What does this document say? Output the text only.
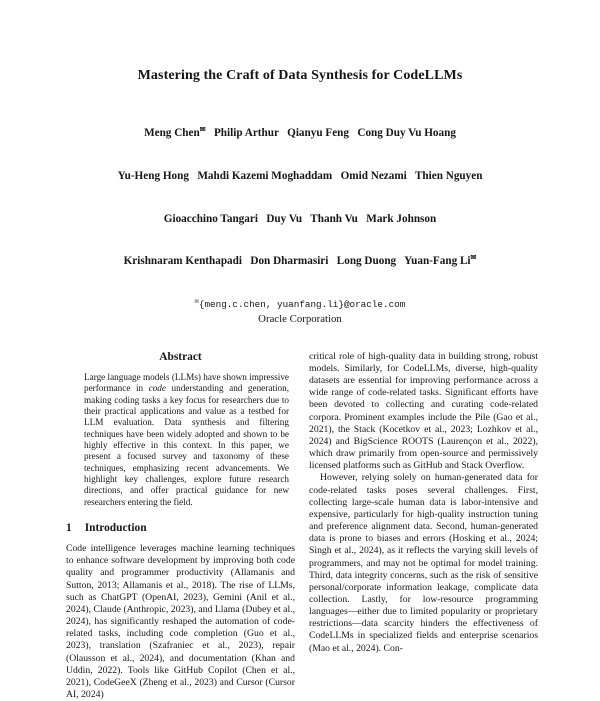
Mastering the Craft of Data Synthesis for CodeLLMs

Meng Chen✉   Philip Arthur   Qianyu Feng   Cong Duy Vu Hoang

Yu-Heng Hong   Mahdi Kazemi Moghaddam   Omid Nezami   Thien Nguyen

Gioacchino Tangari   Duy Vu   Thanh Vu   Mark Johnson

Krishnaram Kenthapadi   Don Dharmasiri   Long Duong   Yuan-Fang Li✉

✉{meng.c.chen, yuanfang.li}@oracle.com
Oracle Corporation
Abstract

Large language models (LLMs) have shown impressive performance in code understanding and generation, making coding tasks a key focus for researchers due to their practical applications and value as a testbed for LLM evaluation. Data synthesis and filtering techniques have been widely adopted and shown to be highly effective in this context. In this paper, we present a focused survey and taxonomy of these techniques, emphasizing recent advancements. We highlight key challenges, explore future research directions, and offer practical guidance for new researchers entering the field.

1 Introduction

Code intelligence leverages machine learning techniques to enhance software development by improving both code quality and programmer productivity (Allamanis and Sutton, 2013; Allamanis et al., 2018). The rise of LLMs, such as ChatGPT (OpenAI, 2023), Gemini (Anil et al., 2024), Claude (Anthropic, 2023), and Llama (Dubey et al., 2024), has significantly reshaped the automation of code-related tasks, including code completion (Guo et al., 2023), translation (Szafraniec et al., 2023), repair (Olausson et al., 2024), and documentation (Khan and Uddin, 2022). Tools like GitHub Copilot (Chen et al., 2021), CodeGeeX (Zheng et al., 2023) and Cursor (Cursor AI, 2024)

critical role of high-quality data in building strong, robust models. Similarly, for CodeLLMs, diverse, high-quality datasets are essential for improving performance across a wide range of code-related tasks. Significant efforts have been devoted to collecting and curating code-related corpora. Prominent examples include the Pile (Gao et al., 2021), the Stack (Kocetkov et al., 2023; Lozhkov et al., 2024) and BigScience ROOTS (Laurençon et al., 2022), which draw primarily from open-source and permissively licensed platforms such as GitHub and Stack Overflow.

However, relying solely on human-generated data for code-related tasks poses several challenges. First, collecting large-scale human data is labor-intensive and expensive, particularly for high-quality instruction tuning and preference alignment data. Second, human-generated data is prone to biases and errors (Hosking et al., 2024; Singh et al., 2024), as it reflects the varying skill levels of programmers, and may not be optimal for model training. Third, data integrity concerns, such as the risk of sensitive personal/corporate information leakage, complicate data collection. Lastly, for low-resource programming languages—either due to limited popularity or proprietary restrictions—data scarcity hinders the effectiveness of CodeLLMs in specialized fields and enterprise scenarios (Mao et al., 2024). Con-
